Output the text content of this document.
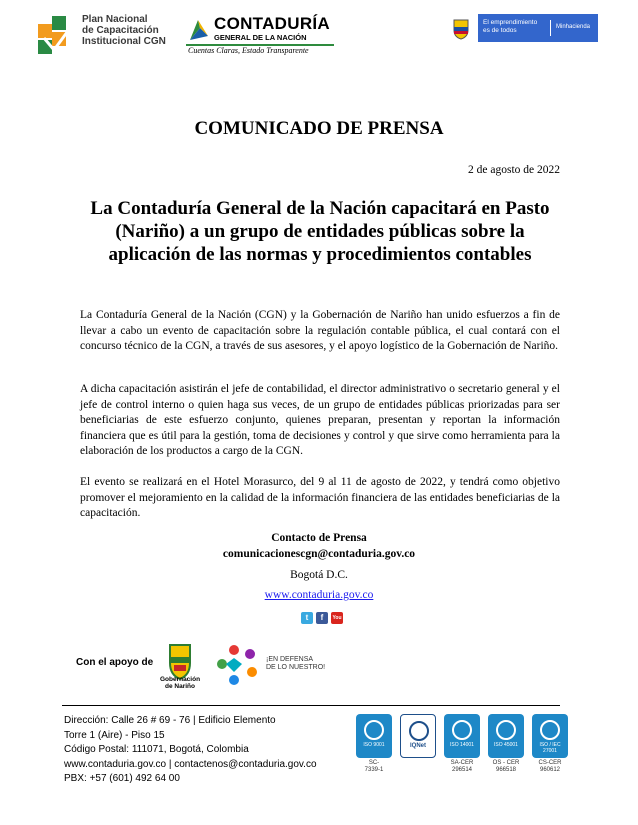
Plan Nacional
de Capacitación
Institucional CGN
CONTADURÍA
GENERAL DE LA NACIÓN
Cuentas Claras, Estado Transparente
El emprendimiento
es de todos	Minhacienda
COMUNICADO DE PRENSA
2 de agosto de 2022
La Contaduría General de la Nación capacitará en Pasto (Nariño) a un grupo de entidades públicas sobre la aplicación de las normas y procedimientos contables
La Contaduría General de la Nación (CGN) y la Gobernación de Nariño han unido esfuerzos a fin de llevar a cabo un evento de capacitación sobre la regulación contable pública, el cual contará con el concurso técnico de la CGN, a través de sus asesores, y el apoyo logístico de la Gobernación de Nariño.
A dicha capacitación asistirán el jefe de contabilidad, el director administrativo o secretario general y el jefe de control interno o quien haga sus veces, de un grupo de entidades públicas priorizadas para ser beneficiarias de este esfuerzo conjunto, quienes preparan, presentan y reportan la información financiera que es útil para la gestión, toma de decisiones y control y que sirve como herramienta para la elaboración de los productos a cargo de la CGN.
El evento se realizará en el Hotel Morasurco, del 9 al 11 de agosto de 2022, y tendrá como objetivo promover el mejoramiento en la calidad de la información financiera de las entidades beneficiarias de la capacitación.
Contacto de Prensa
comunicacionescgn@contaduria.gov.co
Bogotá D.C.
www.contaduria.gov.co
t	f	You
Con el apoyo de
Gobernación
de Nariño
¡EN DEFENSA
DE LO NUESTRO!
Dirección: Calle 26 # 69 - 76 | Edificio Elemento
Torre 1 (Aire) - Piso 15
Código Postal: 111071, Bogotá, Colombia
www.contaduria.gov.co | contactenos@contaduria.gov.co
PBX: +57 (601) 492 64 00
ISO 9001
SC-
7339-1
IQNet	ISO 14001
SA-CER
296514
ISO 45001
OS - CER
966518
ISO / IEC 27001
CS-CER
960612
